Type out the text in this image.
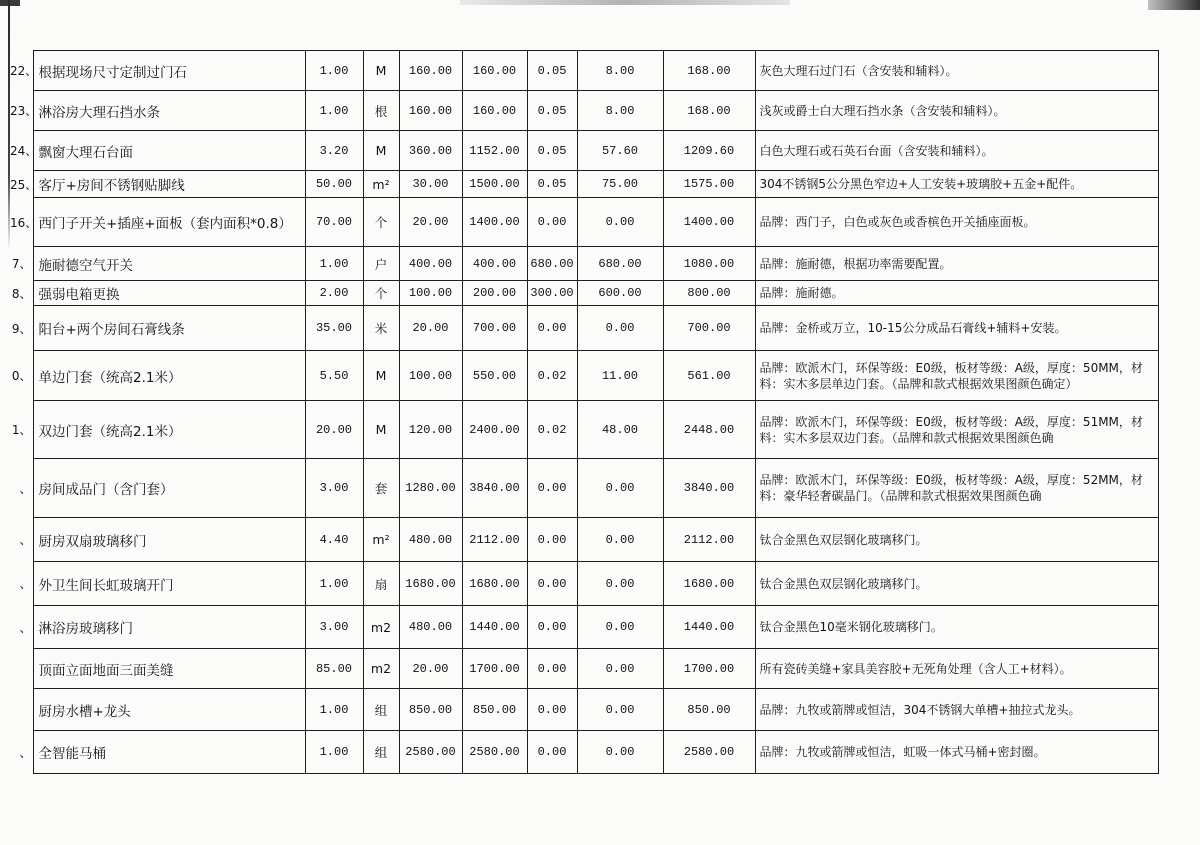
22、	根据现场尺寸定制过门石	1.00	M	160.00	160.00	0.05	8.00	168.00	灰色大理石过门石（含安装和辅料）。
23、	淋浴房大理石挡水条	1.00	根	160.00	160.00	0.05	8.00	168.00	浅灰或爵士白大理石挡水条（含安装和辅料）。
24、	飘窗大理石台面	3.20	M	360.00	1152.00	0.05	57.60	1209.60	白色大理石或石英石台面（含安装和辅料）。
25、	客厅+房间不锈钢贴脚线	50.00	m²	30.00	1500.00	0.05	75.00	1575.00	304不锈钢5公分黑色窄边+人工安装+玻璃胶+五金+配件。
16、	西门子开关+插座+面板（套内面积*0.8）	70.00	个	20.00	1400.00	0.00	0.00	1400.00	品牌：西门子，白色或灰色或香槟色开关插座面板。
7、	施耐德空气开关	1.00	户	400.00	400.00	680.00	680.00	1080.00	品牌：施耐德，根据功率需要配置。
8、	强弱电箱更换	2.00	个	100.00	200.00	300.00	600.00	800.00	品牌：施耐德。
9、	阳台+两个房间石膏线条	35.00	米	20.00	700.00	0.00	0.00	700.00	品牌：金桥或万立，10-15公分成品石膏线+辅料+安装。
0、	单边门套（统高2.1米）	5.50	M	100.00	550.00	0.02	11.00	561.00	品牌：欧派木门，环保等级：E0级，板材等级：A级，厚度：50MM，材料：实木多层单边门套。（品牌和款式根据效果图颜色确定）
1、	双边门套（统高2.1米）	20.00	M	120.00	2400.00	0.02	48.00	2448.00	品牌：欧派木门，环保等级：E0级，板材等级：A级，厚度：51MM，材料：实木多层双边门套。（品牌和款式根据效果图颜色确
、	房间成品门（含门套）	3.00	套	1280.00	3840.00	0.00	0.00	3840.00	品牌：欧派木门，环保等级：E0级，板材等级：A级，厚度：52MM，材料：豪华轻奢碳晶门。（品牌和款式根据效果图颜色确
、	厨房双扇玻璃移门	4.40	m²	480.00	2112.00	0.00	0.00	2112.00	钛合金黑色双层钢化玻璃移门。
、	外卫生间长虹玻璃开门	1.00	扇	1680.00	1680.00	0.00	0.00	1680.00	钛合金黑色双层钢化玻璃移门。
、	淋浴房玻璃移门	3.00	m2	480.00	1440.00	0.00	0.00	1440.00	钛合金黑色10毫米钢化玻璃移门。
	顶面立面地面三面美缝	85.00	m2	20.00	1700.00	0.00	0.00	1700.00	所有瓷砖美缝+家具美容胶+无死角处理（含人工+材料）。
	厨房水槽+龙头	1.00	组	850.00	850.00	0.00	0.00	850.00	品牌：九牧或箭牌或恒洁，304不锈钢大单槽+抽拉式龙头。
、	全智能马桶	1.00	组	2580.00	2580.00	0.00	0.00	2580.00	品牌：九牧或箭牌或恒洁，虹吸一体式马桶+密封圈。
